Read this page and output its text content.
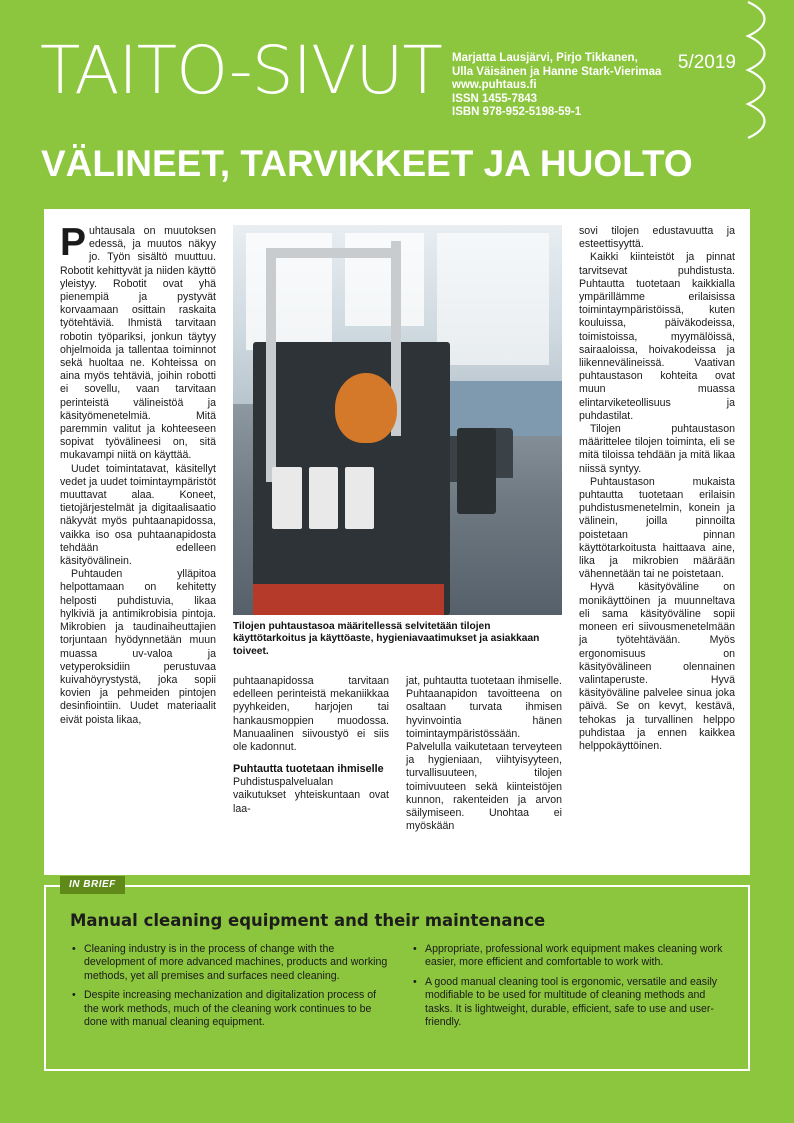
TAITO-SIVUT Marjatta Lausjärvi, Pirjo Tikkanen,
Ulla Väisänen ja Hanne Stark-Vierimaa
www.puhtaus.fi
ISSN 1455-7843
ISBN 978-952-5198-59-1
5/2019
VÄLINEET, TARVIKKEET JA HUOLTO

Puhtausala on muutoksen edessä, ja muutos näkyy jo. Työn sisältö muuttuu. Robotit kehittyvät ja niiden käyttö yleistyy. Robotit ovat yhä pienempiä ja pystyvät korvaamaan osittain raskaita työtehtäviä. Ihmistä tarvitaan robotin työpariksi, jonkun täytyy ohjelmoida ja tallentaa toiminnot sekä huoltaa ne. Kohteissa on aina myös tehtäviä, joihin robotti ei sovellu, vaan tarvitaan perinteistä välineistöä ja käsityömenetelmiä. Mitä paremmin valitut ja kohteeseen sopivat työvälineesi on, sitä mukavampi niitä on käyttää.

Uudet toimintatavat, käsitellyt vedet ja uudet toimintaympäristöt muuttavat alaa. Koneet, tietojärjestelmät ja digitaalisaatio näkyvät myös puhtaanapidossa, vaikka iso osa puhtaanapidosta tehdään edelleen käsityövälinein.

Puhtauden ylläpitoa helpottamaan on kehitetty helposti puhdistuvia, likaa hylkiviä ja antimikrobisia pintoja. Mikrobien ja taudinaiheuttajien torjuntaan hyödynnetään muun muassa uv-valoa ja vetyperoksidiin perustuvaa kuivahöyrystystä, joka sopii kovien ja pehmeiden pintojen desinfiointiin. Uudet materiaalit eivät poista likaa,

Tilojen puhtaustasoa määritellessä selvitetään tilojen käyttötarkoitus ja käyttöaste, hygieniavaatimukset ja asiakkaan toiveet.

puhtaanapidossa tarvitaan edelleen perinteistä mekaniikkaa pyyhkeiden, harjojen tai hankausmoppien muodossa. Manuaalinen siivoustyö ei siis ole kadonnut.

Puhtautta tuotetaan ihmiselle

Puhdistuspalvelualan vaikutukset yhteiskuntaan ovat laa-

jat, puhtautta tuotetaan ihmiselle. Puhtaanapidon tavoitteena on osaltaan turvata ihmisen hyvinvointia hänen toimintaympäristössään. Palvelulla vaikutetaan terveyteen ja hygieniaan, viihtyisyyteen, turvallisuuteen, tilojen toimivuuteen sekä kiinteistöjen kunnon, rakenteiden ja arvon säilymiseen. Unohtaa ei myöskään

sovi tilojen edustavuutta ja esteettisyyttä.

Kaikki kiinteistöt ja pinnat tarvitsevat puhdistusta. Puhtautta tuotetaan kaikkialla ympärillämme erilaisissa toimintaympäristöissä, kuten kouluissa, päiväkodeissa, toimistoissa, myymälöissä, sairaaloissa, hoivakodeissa ja liikennevälineissä. Vaativan puhtaustason kohteita ovat muun muassa elintarviketeollisuus ja puhdastilat.

Tilojen puhtaustason määrittelee tilojen toiminta, eli se mitä tiloissa tehdään ja mitä likaa niissä syntyy.

Puhtaustason mukaista puhtautta tuotetaan erilaisin puhdistusmenetelmin, konein ja välinein, joilla pinnoilta poistetaan pinnan käyttötarkoitusta haittaava aine, lika ja mikrobien määrään vähennetään tai ne poistetaan.

Hyvä käsityöväline on monikäyttöinen ja muunneltava eli sama käsityöväline sopii moneen eri siivousmenetelmään ja työtehtävään. Myös ergonomisuus on käsityövälineen olennainen valintaperuste. Hyvä käsityöväline palvelee sinua joka päivä. Se on kevyt, kestävä, tehokas ja turvallinen helppo puhdistaa ja ennen kaikkea helppokäyttöinen.

IN BRIEF
Manual cleaning equipment and their maintenance
• Cleaning industry is in the process of change with the development of more advanced machines, products and working methods, yet all premises and surfaces need cleaning.
• Despite increasing mechanization and digitalization process of the work methods, much of the cleaning work continues to be done with manual cleaning equipment.
• Appropriate, professional work equipment makes cleaning work easier, more efficient and comfortable to work with.
• A good manual cleaning tool is ergonomic, versatile and easily modifiable to be used for multitude of cleaning methods and tasks. It is lightweight, durable, efficient, safe to use and user-friendly.
